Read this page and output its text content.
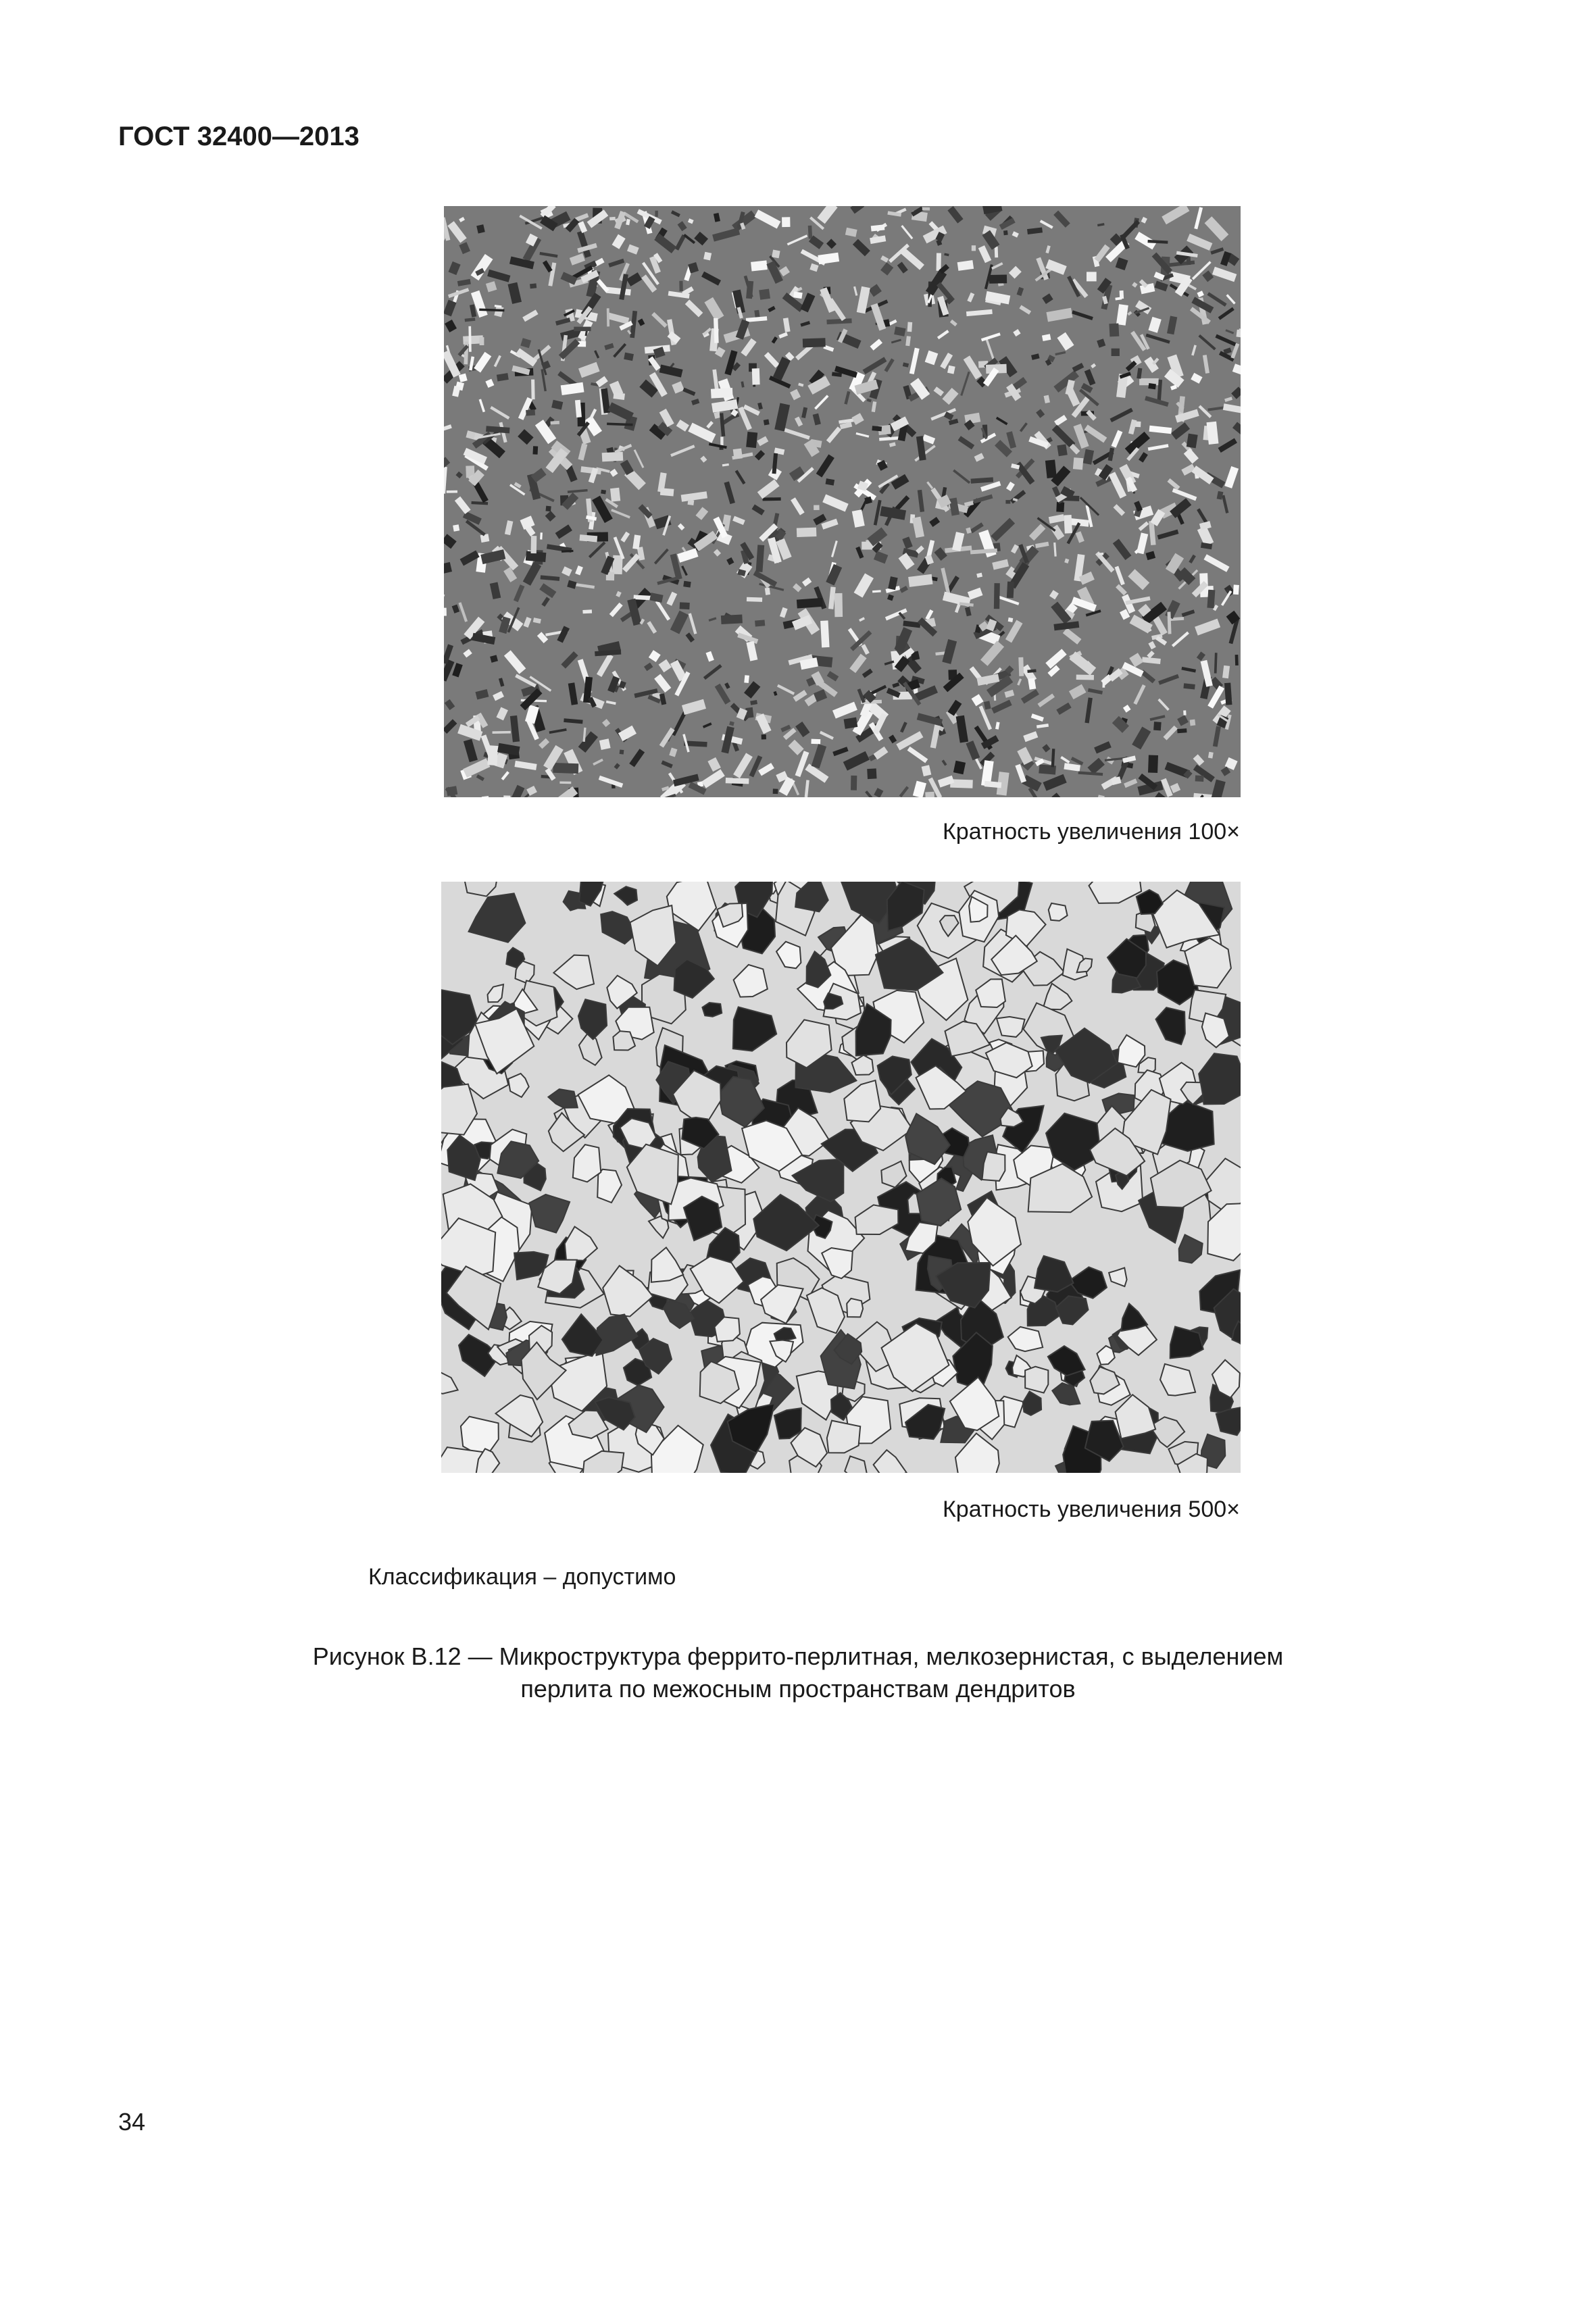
ГОСТ 32400—2013
Кратность увеличения 100×
Кратность увеличения 500×
Классификация – допустимо
Рисунок В.12 — Микроструктура феррито-перлитная, мелкозернистая, с выделением
перлита по межосным пространствам дендритов
34
